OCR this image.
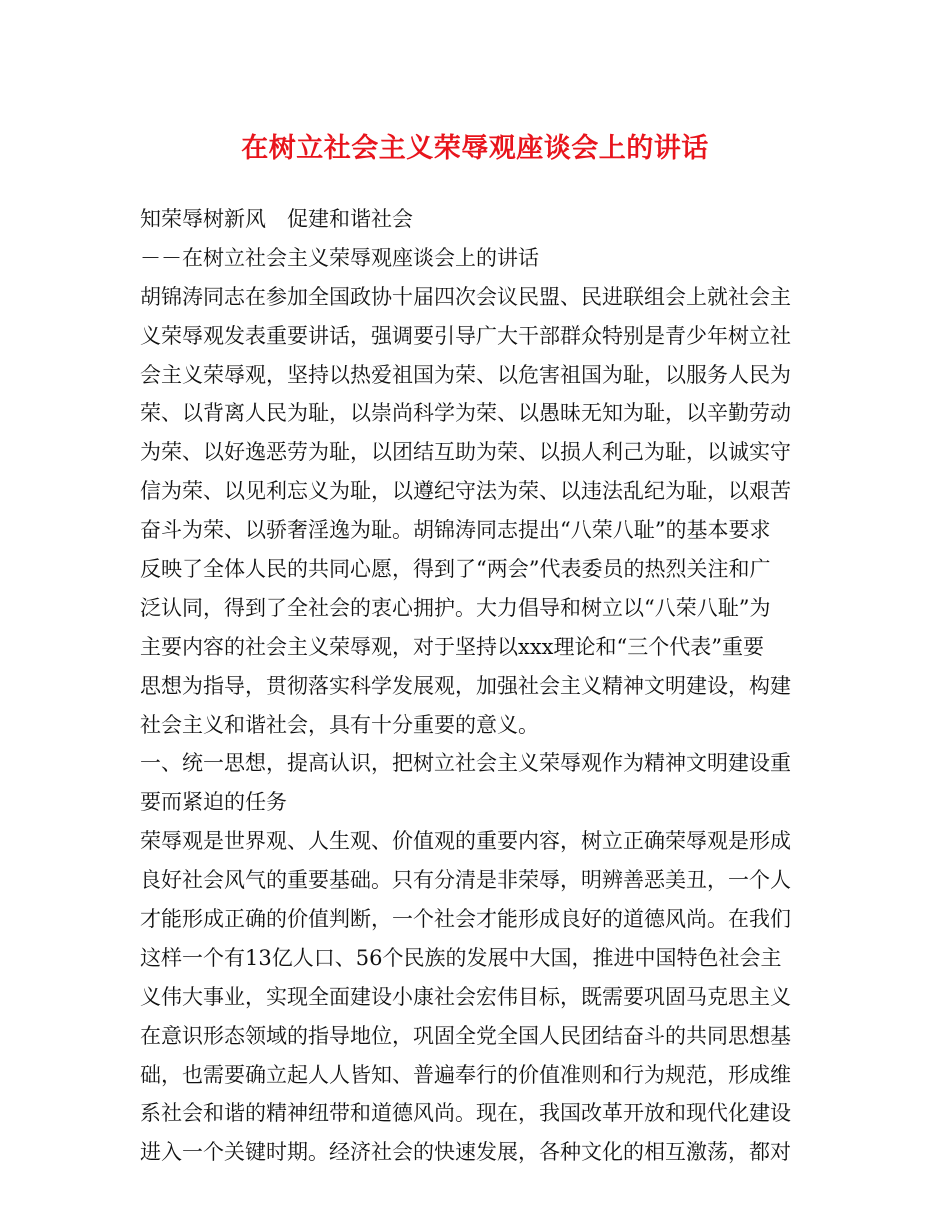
在树立社会主义荣辱观座谈会上的讲话
知荣辱树新风　促建和谐社会
－－在树立社会主义荣辱观座谈会上的讲话
胡锦涛同志在参加全国政协十届四次会议民盟、民进联组会上就社会主
义荣辱观发表重要讲话，强调要引导广大干部群众特别是青少年树立社
会主义荣辱观，坚持以热爱祖国为荣、以危害祖国为耻，以服务人民为
荣、以背离人民为耻，以崇尚科学为荣、以愚昧无知为耻，以辛勤劳动
为荣、以好逸恶劳为耻，以团结互助为荣、以损人利己为耻，以诚实守
信为荣、以见利忘义为耻，以遵纪守法为荣、以违法乱纪为耻，以艰苦
奋斗为荣、以骄奢淫逸为耻。胡锦涛同志提出“八荣八耻”的基本要求
反映了全体人民的共同心愿，得到了“两会”代表委员的热烈关注和广
泛认同，得到了全社会的衷心拥护。大力倡导和树立以“八荣八耻”为
主要内容的社会主义荣辱观，对于坚持以xxx理论和“三个代表”重要
思想为指导，贯彻落实科学发展观，加强社会主义精神文明建设，构建
社会主义和谐社会，具有十分重要的意义。
一、统一思想，提高认识，把树立社会主义荣辱观作为精神文明建设重
要而紧迫的任务
荣辱观是世界观、人生观、价值观的重要内容，树立正确荣辱观是形成
良好社会风气的重要基础。只有分清是非荣辱，明辨善恶美丑，一个人
才能形成正确的价值判断，一个社会才能形成良好的道德风尚。在我们
这样一个有13亿人口、56个民族的发展中大国，推进中国特色社会主
义伟大事业，实现全面建设小康社会宏伟目标，既需要巩固马克思主义
在意识形态领域的指导地位，巩固全党全国人民团结奋斗的共同思想基
础，也需要确立起人人皆知、普遍奉行的价值准则和行为规范，形成维
系社会和谐的精神纽带和道德风尚。现在，我国改革开放和现代化建设
进入一个关键时期。经济社会的快速发展，各种文化的相互激荡，都对
